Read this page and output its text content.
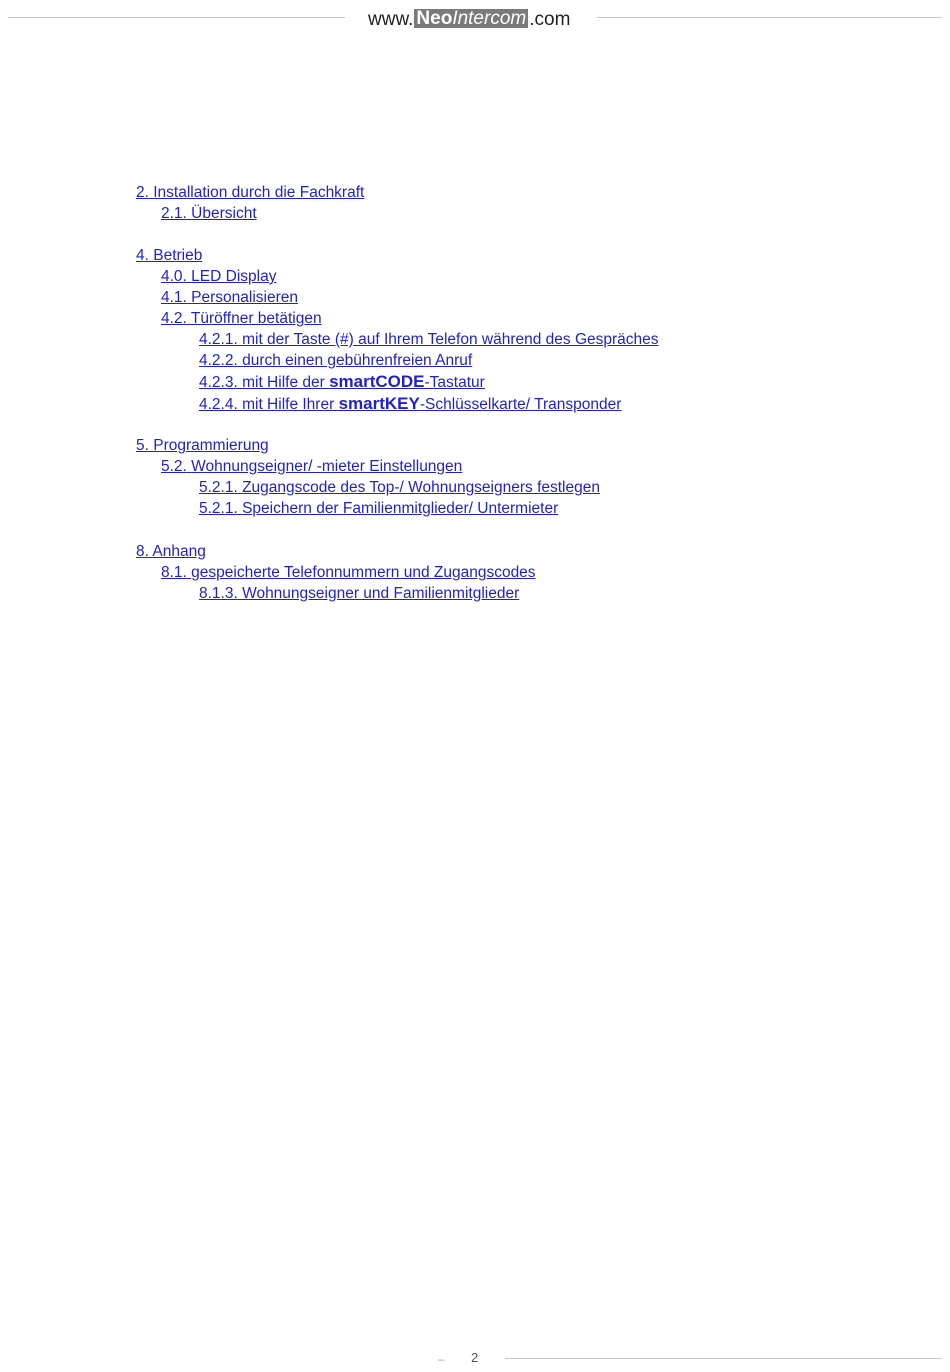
www. NeoIntercom .com
2. Installation durch die Fachkraft
2.1. Übersicht
4. Betrieb
4.0. LED Display
4.1. Personalisieren
4.2. Türöffner betätigen
4.2.1. mit der Taste (#) auf Ihrem Telefon während des Gespräches
4.2.2. durch einen gebührenfreien Anruf
4.2.3. mit Hilfe der smartCODE-Tastatur
4.2.4. mit Hilfe Ihrer smartKEY-Schlüsselkarte/ Transponder
5. Programmierung
5.2. Wohnungseigner/ -mieter Einstellungen
5.2.1. Zugangscode des Top-/ Wohnungseigners festlegen
5.2.1. Speichern der Familienmitglieder/ Untermieter
8. Anhang
8.1. gespeicherte Telefonnummern und Zugangscodes
8.1.3. Wohnungseigner und Familienmitglieder
– 2
